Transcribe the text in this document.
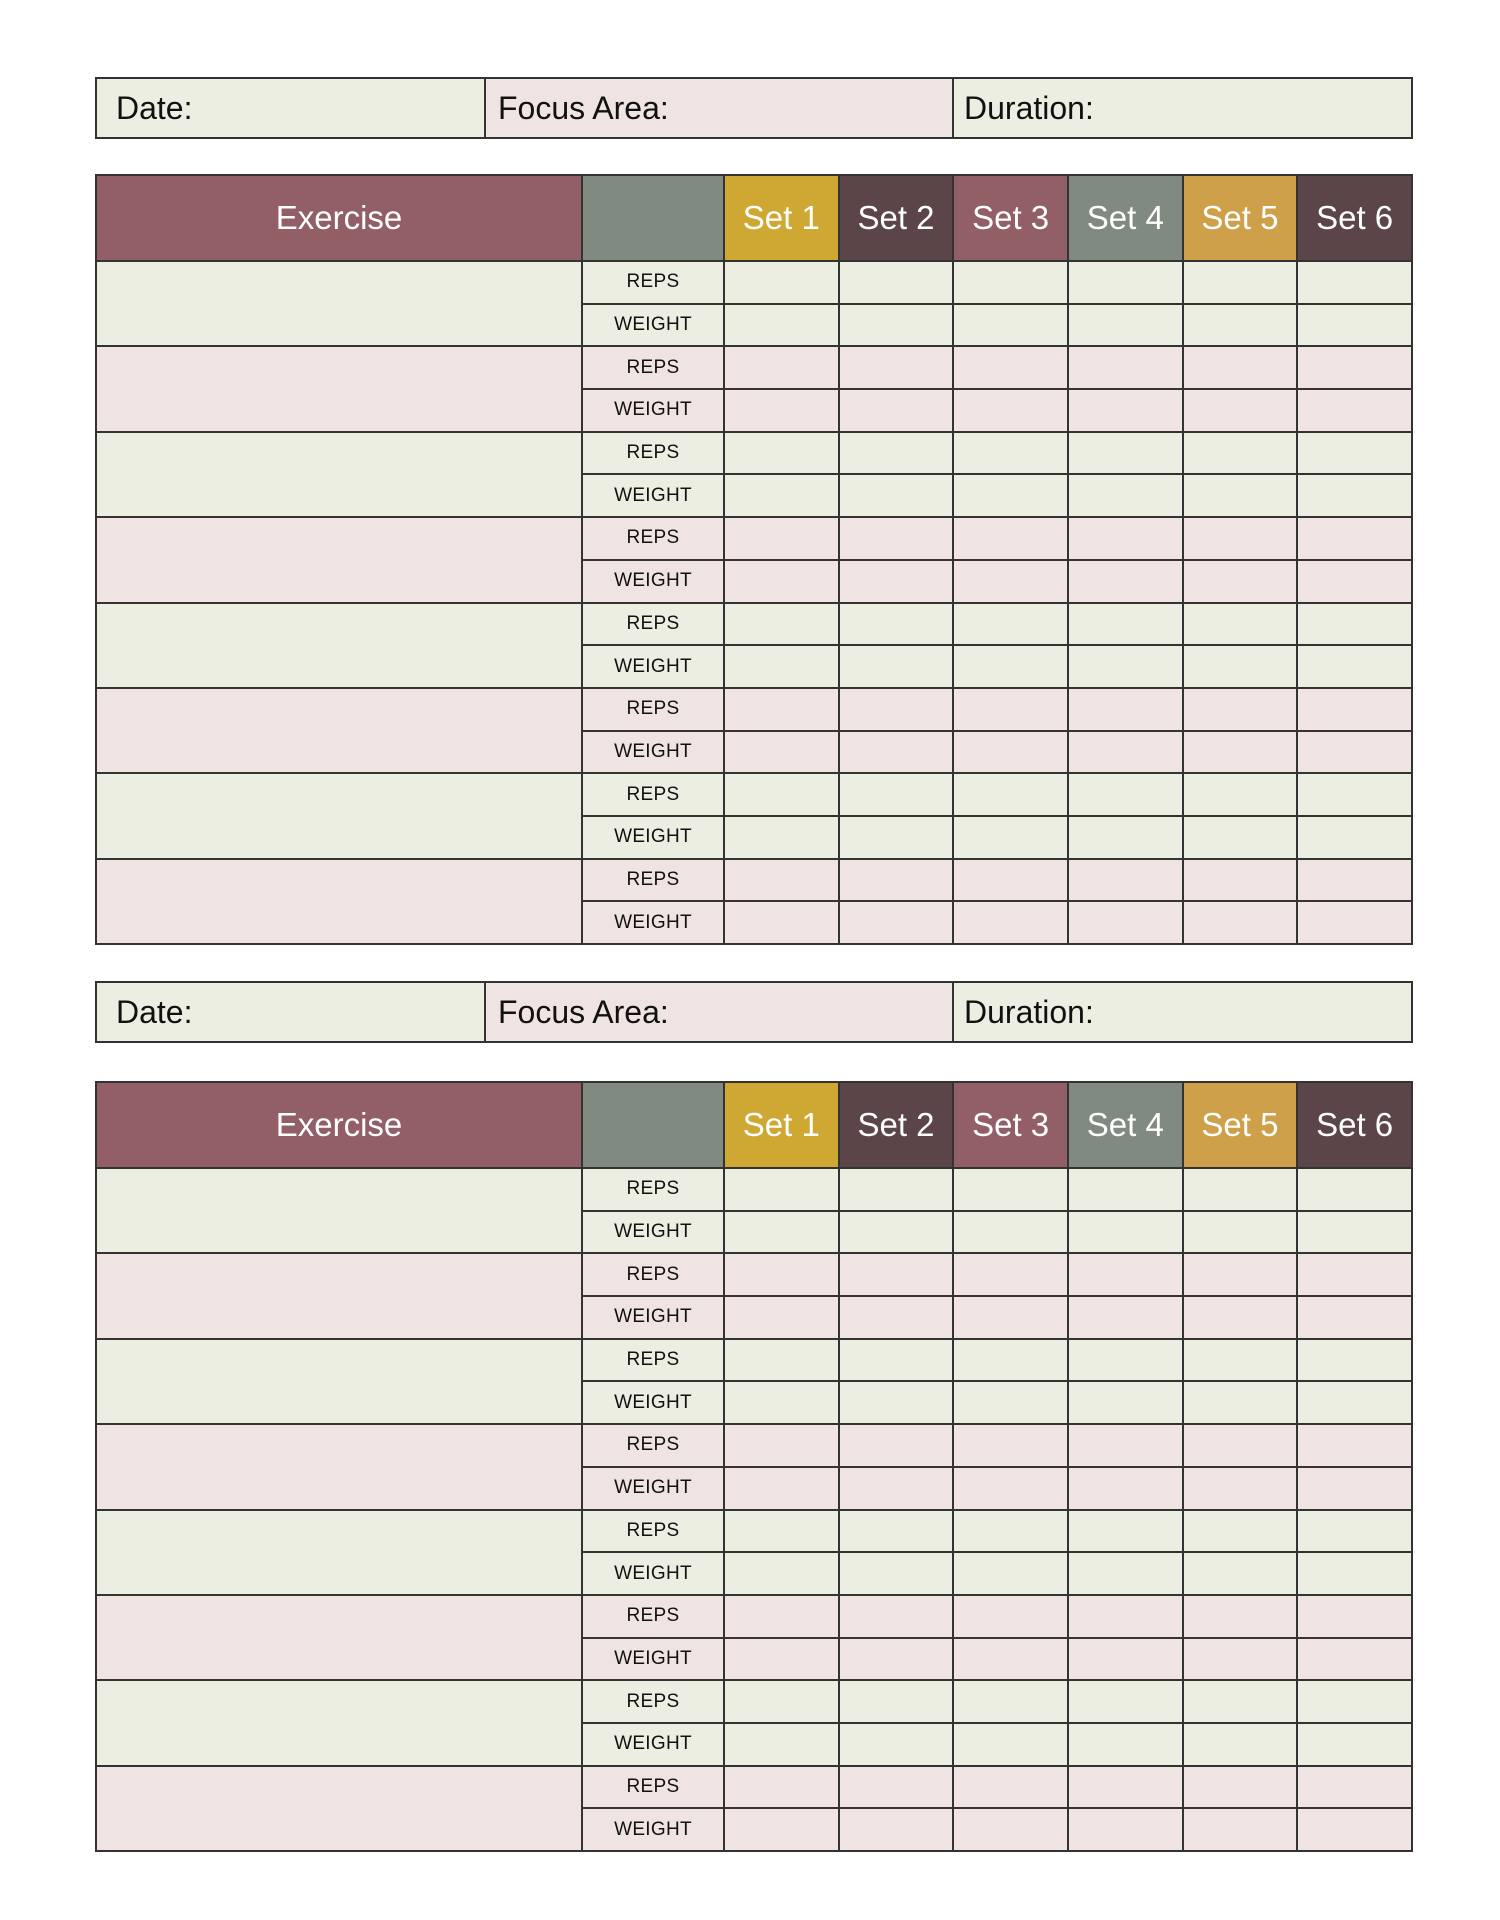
Date:	Focus Area:	Duration:
Exercise		Set 1	Set 2	Set 3	Set 4	Set 5	Set 6
	REPS						
	WEIGHT						
	REPS						
	WEIGHT						
	REPS						
	WEIGHT						
	REPS						
	WEIGHT						
	REPS						
	WEIGHT						
	REPS						
	WEIGHT						
	REPS						
	WEIGHT						
	REPS						
	WEIGHT						
Date:	Focus Area:	Duration:
Exercise		Set 1	Set 2	Set 3	Set 4	Set 5	Set 6
	REPS						
	WEIGHT						
	REPS						
	WEIGHT						
	REPS						
	WEIGHT						
	REPS						
	WEIGHT						
	REPS						
	WEIGHT						
	REPS						
	WEIGHT						
	REPS						
	WEIGHT						
	REPS						
	WEIGHT						
